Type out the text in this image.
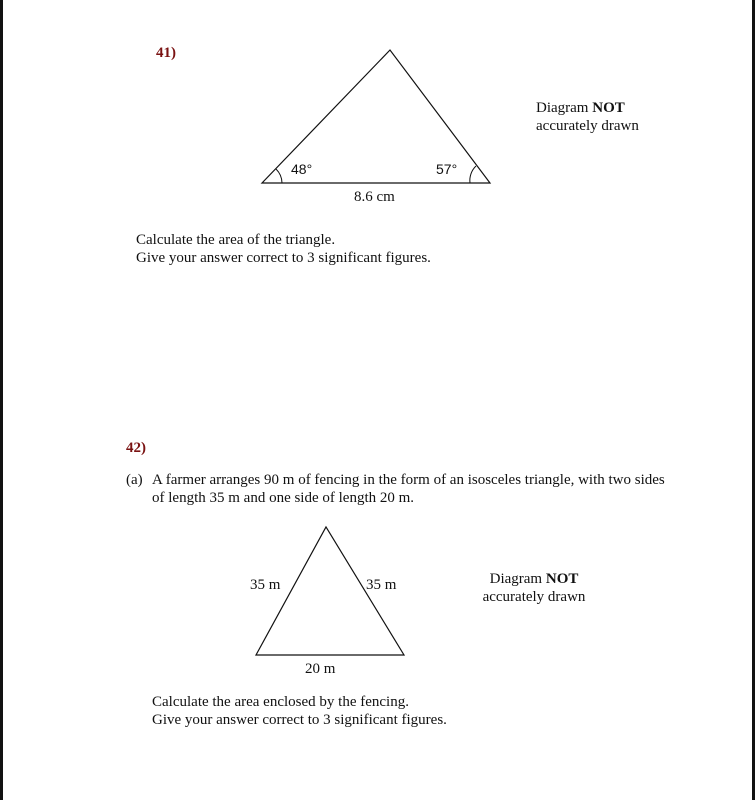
41)
48°	57°
8.6 cm
35 m	35 m
20 m
Diagram NOT
accurately drawn
Calculate the area of the triangle.
Give your answer correct to 3 significant figures.
42)
(a) A farmer arranges 90 m of fencing in the form of an isosceles triangle, with two sides of length 35 m and one side of length 20 m.
Diagram NOT
accurately drawn
Calculate the area enclosed by the fencing.
Give your answer correct to 3 significant figures.
